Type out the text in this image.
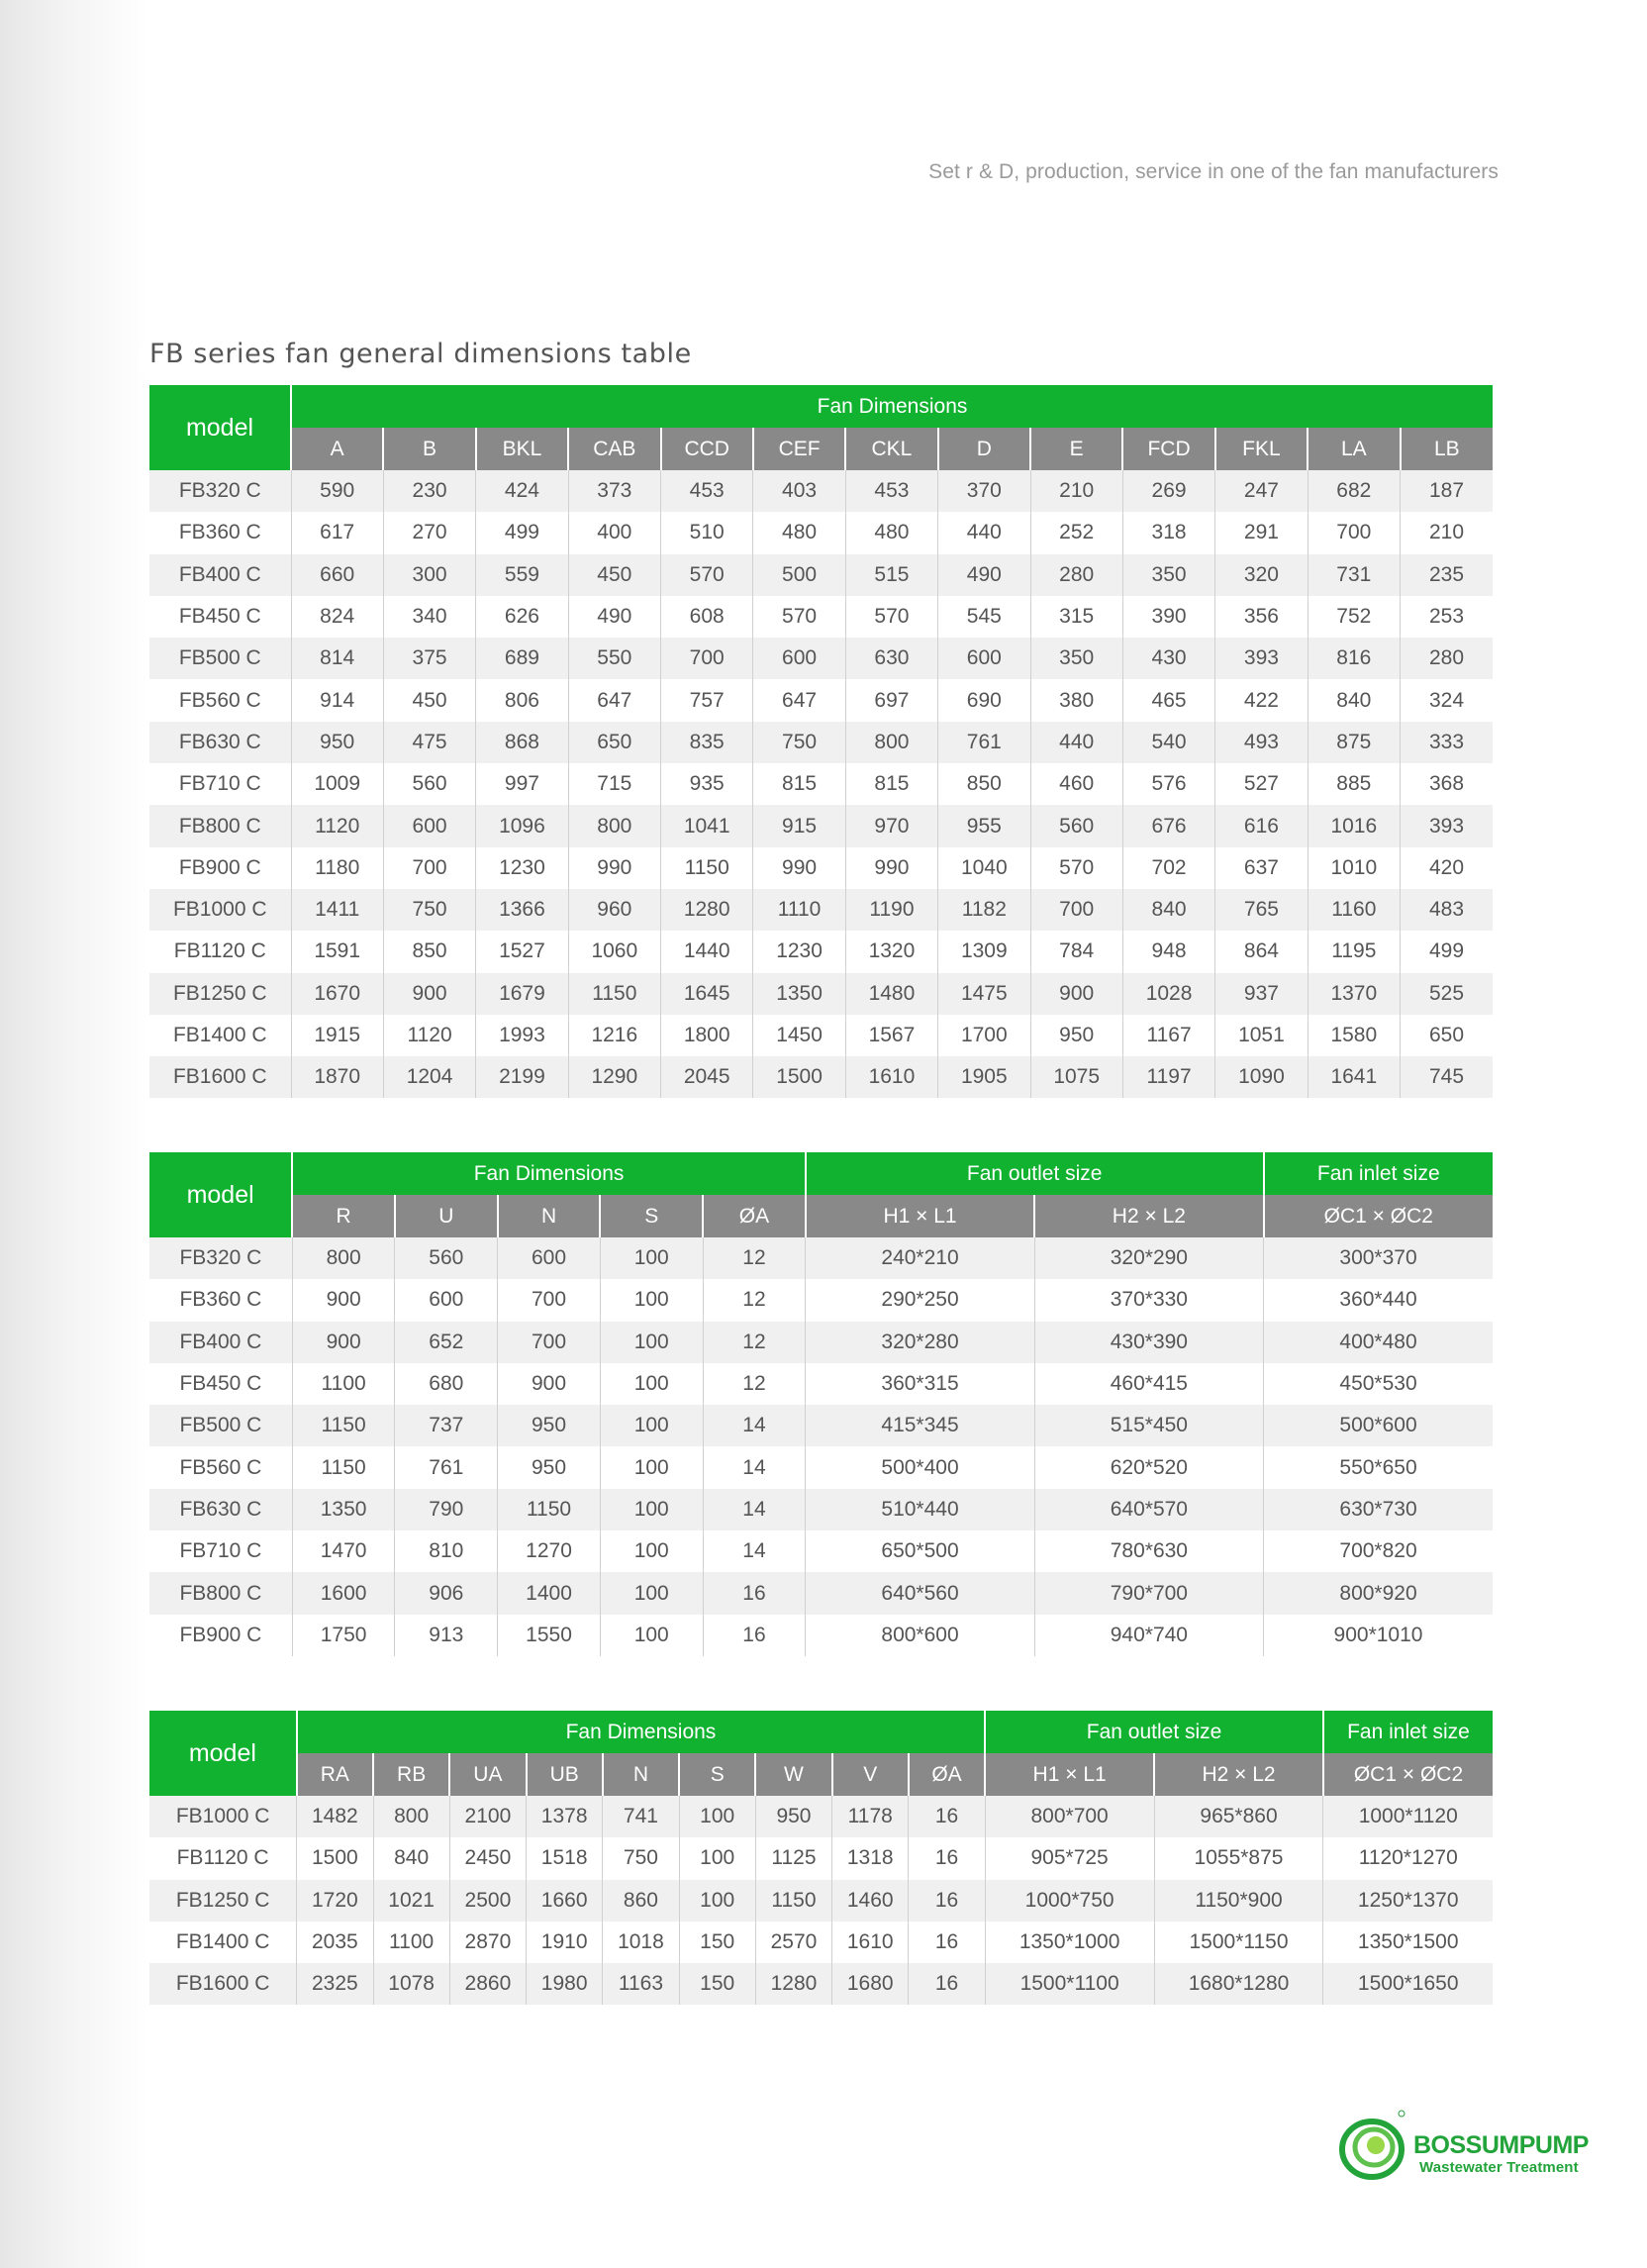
Set r & D, production, service in one of the fan manufacturers
FB series fan general dimensions table
model	Fan Dimensions												
	A	B	BKL	CAB	CCD	CEF	CKL	D	E	FCD	FKL	LA	LB
FB320 C	590	230	424	373	453	403	453	370	210	269	247	682	187
FB360 C	617	270	499	400	510	480	480	440	252	318	291	700	210
FB400 C	660	300	559	450	570	500	515	490	280	350	320	731	235
FB450 C	824	340	626	490	608	570	570	545	315	390	356	752	253
FB500 C	814	375	689	550	700	600	630	600	350	430	393	816	280
FB560 C	914	450	806	647	757	647	697	690	380	465	422	840	324
FB630 C	950	475	868	650	835	750	800	761	440	540	493	875	333
FB710 C	1009	560	997	715	935	815	815	850	460	576	527	885	368
FB800 C	1120	600	1096	800	1041	915	970	955	560	676	616	1016	393
FB900 C	1180	700	1230	990	1150	990	990	1040	570	702	637	1010	420
FB1000 C	1411	750	1366	960	1280	1110	1190	1182	700	840	765	1160	483
FB1120 C	1591	850	1527	1060	1440	1230	1320	1309	784	948	864	1195	499
FB1250 C	1670	900	1679	1150	1645	1350	1480	1475	900	1028	937	1370	525
FB1400 C	1915	1120	1993	1216	1800	1450	1567	1700	950	1167	1051	1580	650
FB1600 C	1870	1204	2199	1290	2045	1500	1610	1905	1075	1197	1090	1641	745
model	Fan Dimensions					Fan outlet size		Fan inlet size
	R	U	N	S	ØA	H1 × L1	H2 × L2	ØC1 × ØC2
FB320 C	800	560	600	100	12	240*210	320*290	300*370
FB360 C	900	600	700	100	12	290*250	370*330	360*440
FB400 C	900	652	700	100	12	320*280	430*390	400*480
FB450 C	1100	680	900	100	12	360*315	460*415	450*530
FB500 C	1150	737	950	100	14	415*345	515*450	500*600
FB560 C	1150	761	950	100	14	500*400	620*520	550*650
FB630 C	1350	790	1150	100	14	510*440	640*570	630*730
FB710 C	1470	810	1270	100	14	650*500	780*630	700*820
FB800 C	1600	906	1400	100	16	640*560	790*700	800*920
FB900 C	1750	913	1550	100	16	800*600	940*740	900*1010
model	Fan Dimensions									Fan outlet size		Fan inlet size
	RA	RB	UA	UB	N	S	W	V	ØA	H1 × L1	H2 × L2	ØC1 × ØC2
FB1000 C	1482	800	2100	1378	741	100	950	1178	16	800*700	965*860	1000*1120
FB1120 C	1500	840	2450	1518	750	100	1125	1318	16	905*725	1055*875	1120*1270
FB1250 C	1720	1021	2500	1660	860	100	1150	1460	16	1000*750	1150*900	1250*1370
FB1400 C	2035	1100	2870	1910	1018	150	2570	1610	16	1350*1000	1500*1150	1350*1500
FB1600 C	2325	1078	2860	1980	1163	150	1280	1680	16	1500*1100	1680*1280	1500*1650
BOSSUMPUMP
Wastewater Treatment
